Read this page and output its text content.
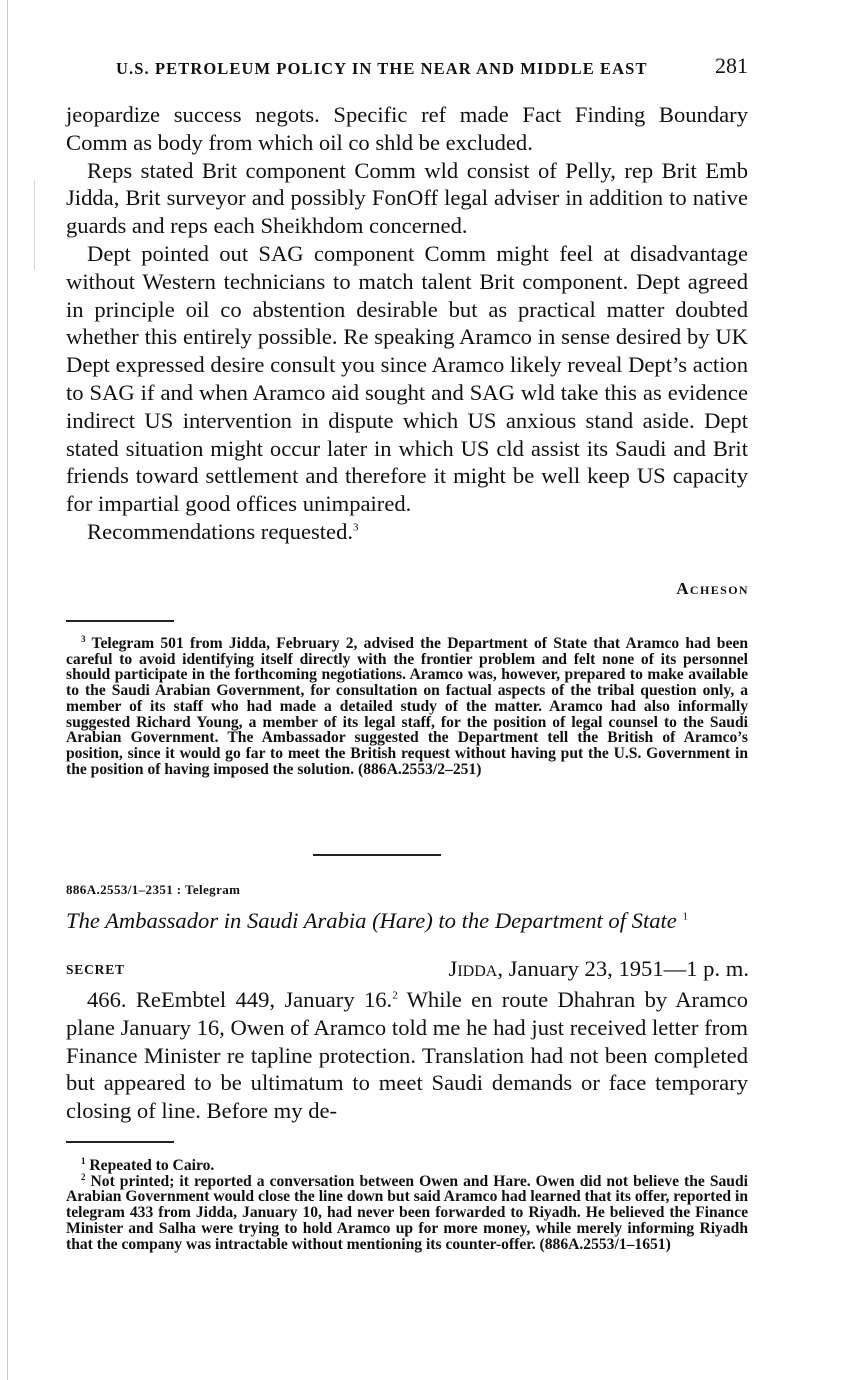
U.S. PETROLEUM POLICY IN THE NEAR AND MIDDLE EAST	281

jeopardize success negots. Specific ref made Fact Finding Boundary Comm as body from which oil co shld be excluded.

Reps stated Brit component Comm wld consist of Pelly, rep Brit Emb Jidda, Brit surveyor and possibly FonOff legal adviser in addition to native guards and reps each Sheikhdom concerned.

Dept pointed out SAG component Comm might feel at disadvantage without Western technicians to match talent Brit component. Dept agreed in principle oil co abstention desirable but as practical matter doubted whether this entirely possible. Re speaking Aramco in sense desired by UK Dept expressed desire consult you since Aramco likely reveal Dept’s action to SAG if and when Aramco aid sought and SAG wld take this as evidence indirect US intervention in dispute which US anxious stand aside. Dept stated situation might occur later in which US cld assist its Saudi and Brit friends toward settlement and therefore it might be well keep US capacity for impartial good offices unimpaired.

Recommendations requested.$^3$

Acheson

$^3$ Telegram 501 from Jidda, February 2, advised the Department of State that Aramco had been careful to avoid identifying itself directly with the frontier problem and felt none of its personnel should participate in the forthcoming negotiations. Aramco was, however, prepared to make available to the Saudi Arabian Government, for consultation on factual aspects of the tribal question only, a member of its staff who had made a detailed study of the matter. Aramco had also informally suggested Richard Young, a member of its legal staff, for the position of legal counsel to the Saudi Arabian Government. The Ambassador suggested the Department tell the British of Aramco’s position, since it would go far to meet the British request without having put the U.S. Government in the position of having imposed the solution. (886A.2553/2–251)

886A.2553/1–2351 : Telegram
The Ambassador in Saudi Arabia (Hare) to the Department of State $^1$
SECRET	Jidda, January 23, 1951—1 p. m.

466. ReEmbtel 449, January 16.$^2$ While en route Dhahran by Aramco plane January 16, Owen of Aramco told me he had just received letter from Finance Minister re tapline protection. Translation had not been completed but appeared to be ultimatum to meet Saudi demands or face temporary closing of line. Before my de-

$^1$ Repeated to Cairo.

$^2$ Not printed; it reported a conversation between Owen and Hare. Owen did not believe the Saudi Arabian Government would close the line down but said Aramco had learned that its offer, reported in telegram 433 from Jidda, January 10, had never been forwarded to Riyadh. He believed the Finance Minister and Salha were trying to hold Aramco up for more money, while merely informing Riyadh that the company was intractable without mentioning its counter-offer. (886A.2553/1–1651)
